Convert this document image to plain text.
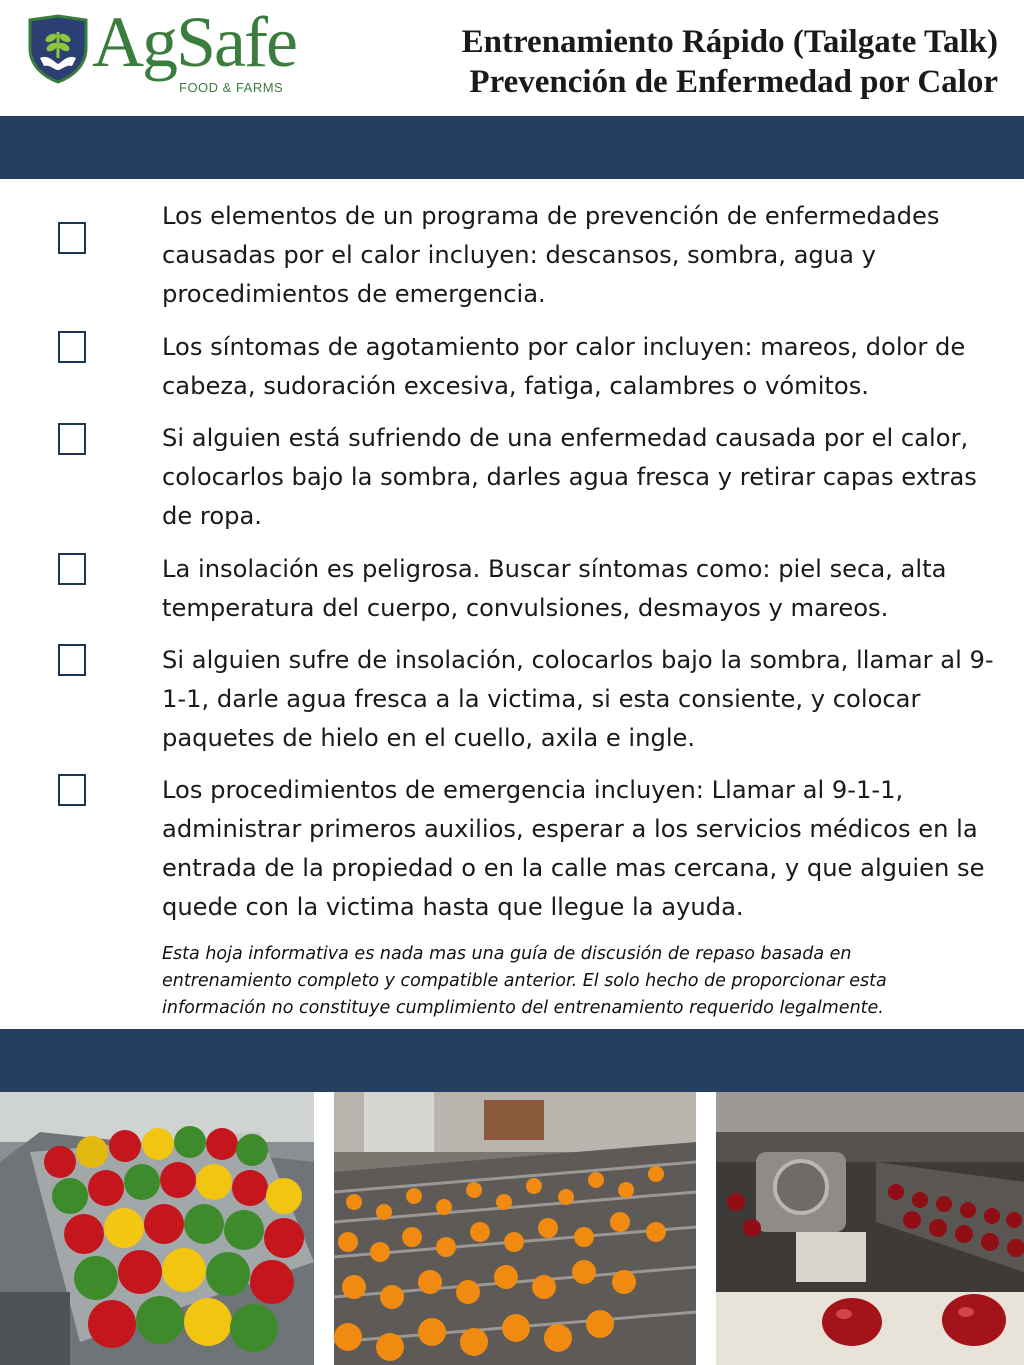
AgSafe
FOOD & FARMS
Entrenamiento Rápido (Tailgate Talk)
Prevención de Enfermedad por Calor
Los elementos de un programa de prevención de enfermedades causadas por el calor incluyen: descansos, sombra, agua y procedimientos de emergencia.
Los síntomas de agotamiento por calor incluyen: mareos, dolor de cabeza, sudoración excesiva, fatiga, calambres o vómitos.
Si alguien está sufriendo de una enfermedad causada por el calor, colocarlos bajo la sombra, darles agua fresca y retirar capas extras de ropa.
La insolación es peligrosa. Buscar síntomas como: piel seca, alta temperatura del cuerpo, convulsiones, desmayos y mareos.
Si alguien sufre de insolación, colocarlos bajo la sombra, llamar al 9-1-1, darle agua fresca a la victima, si esta consiente, y colocar paquetes de hielo en el cuello, axila e ingle.
Los procedimientos de emergencia incluyen: Llamar al 9-1-1, administrar primeros auxilios, esperar a los servicios médicos en la entrada de la propiedad o en la calle mas cercana, y que alguien se quede con la victima hasta que llegue la ayuda.
Esta hoja informativa es nada mas una guía de discusión de repaso basada en entrenamiento completo y compatible anterior. El solo hecho de proporcionar esta información no constituye cumplimiento del entrenamiento requerido legalmente.
